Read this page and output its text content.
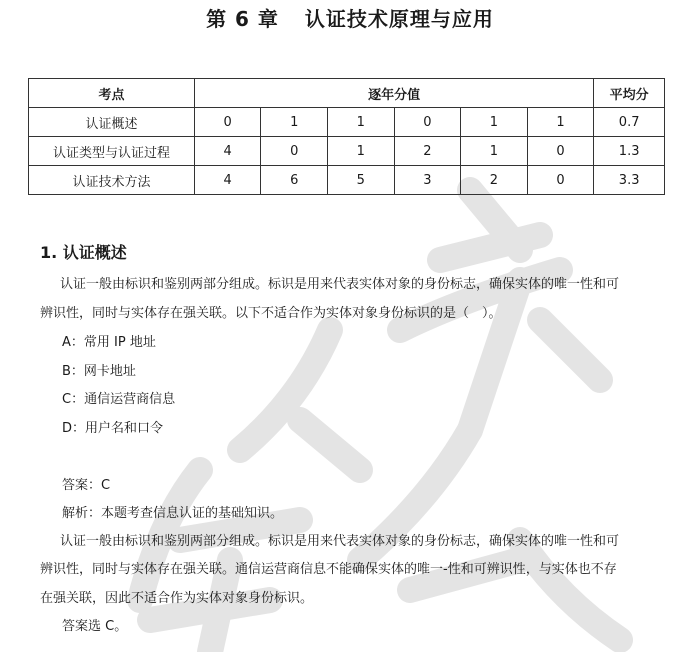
第 6 章 认证技术原理与应用
考点	逐年分值						平均分
认证概述	0	1	1	0	1	1	0.7
认证类型与认证过程	4	0	1	2	1	0	1.3
认证技术方法	4	6	5	3	2	0	3.3
1. 认证概述

认证一般由标识和鉴别两部分组成。标识是用来代表实体对象的身份标志，确保实体的唯一性和可

辨识性，同时与实体存在强关联。以下不适合作为实体对象身份标识的是（　）。

A：常用 IP 地址

B：网卡地址

C：通信运营商信息

D：用户名和口令

答案：C

解析：本题考查信息认证的基础知识。

认证一般由标识和鉴别两部分组成。标识是用来代表实体对象的身份标志，确保实体的唯一性和可

辨识性，同时与实体存在强关联。通信运营商信息不能确保实体的唯一-性和可辨识性，与实体也不存

在强关联，因此不适合作为实体对象身份标识。

答案选 C。
